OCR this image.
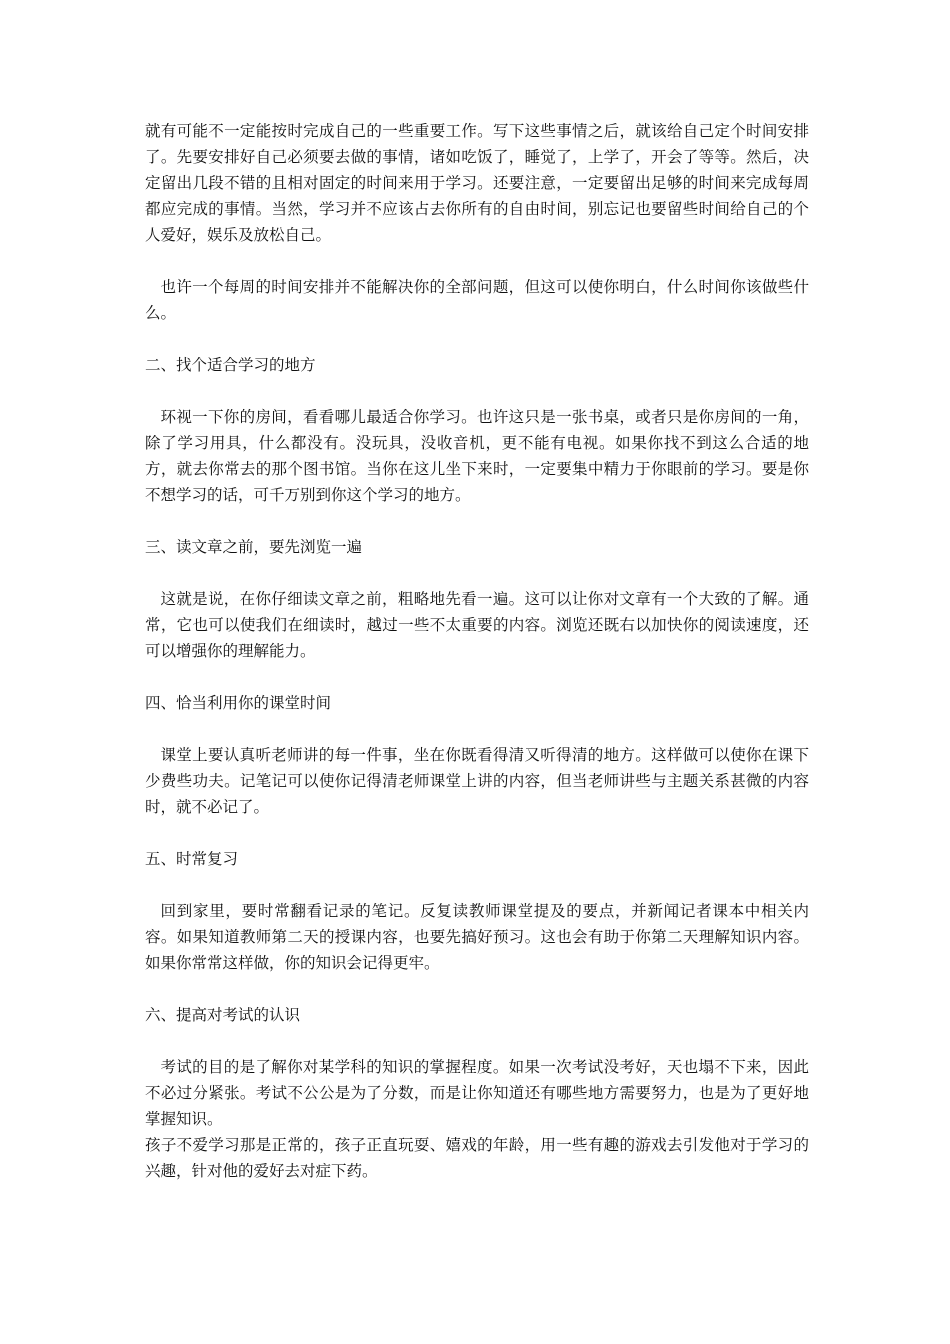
就有可能不一定能按时完成自己的一些重要工作。写下这些事情之后，就该给自己定个时间安排了。先要安排好自己必须要去做的事情，诸如吃饭了，睡觉了，上学了，开会了等等。然后，决定留出几段不错的且相对固定的时间来用于学习。还要注意，一定要留出足够的时间来完成每周都应完成的事情。当然，学习并不应该占去你所有的自由时间，别忘记也要留些时间给自己的个人爱好，娱乐及放松自己。

也许一个每周的时间安排并不能解决你的全部问题，但这可以使你明白，什么时间你该做些什么。

二、找个适合学习的地方

环视一下你的房间，看看哪儿最适合你学习。也许这只是一张书桌，或者只是你房间的一角，除了学习用具，什么都没有。没玩具，没收音机，更不能有电视。如果你找不到这么合适的地方，就去你常去的那个图书馆。当你在这儿坐下来时，一定要集中精力于你眼前的学习。要是你不想学习的话，可千万别到你这个学习的地方。

三、读文章之前，要先浏览一遍

这就是说，在你仔细读文章之前，粗略地先看一遍。这可以让你对文章有一个大致的了解。通常，它也可以使我们在细读时，越过一些不太重要的内容。浏览还既右以加快你的阅读速度，还可以增强你的理解能力。

四、恰当利用你的课堂时间

课堂上要认真听老师讲的每一件事，坐在你既看得清又听得清的地方。这样做可以使你在课下少费些功夫。记笔记可以使你记得清老师课堂上讲的内容，但当老师讲些与主题关系甚微的内容时，就不必记了。

五、时常复习

回到家里，要时常翻看记录的笔记。反复读教师课堂提及的要点，并新闻记者课本中相关内容。如果知道教师第二天的授课内容，也要先搞好预习。这也会有助于你第二天理解知识内容。如果你常常这样做，你的知识会记得更牢。

六、提高对考试的认识

考试的目的是了解你对某学科的知识的掌握程度。如果一次考试没考好，天也塌不下来，因此不必过分紧张。考试不公公是为了分数，而是让你知道还有哪些地方需要努力，也是为了更好地掌握知识。

孩子不爱学习那是正常的，孩子正直玩耍、嬉戏的年龄，用一些有趣的游戏去引发他对于学习的兴趣，针对他的爱好去对症下药。
